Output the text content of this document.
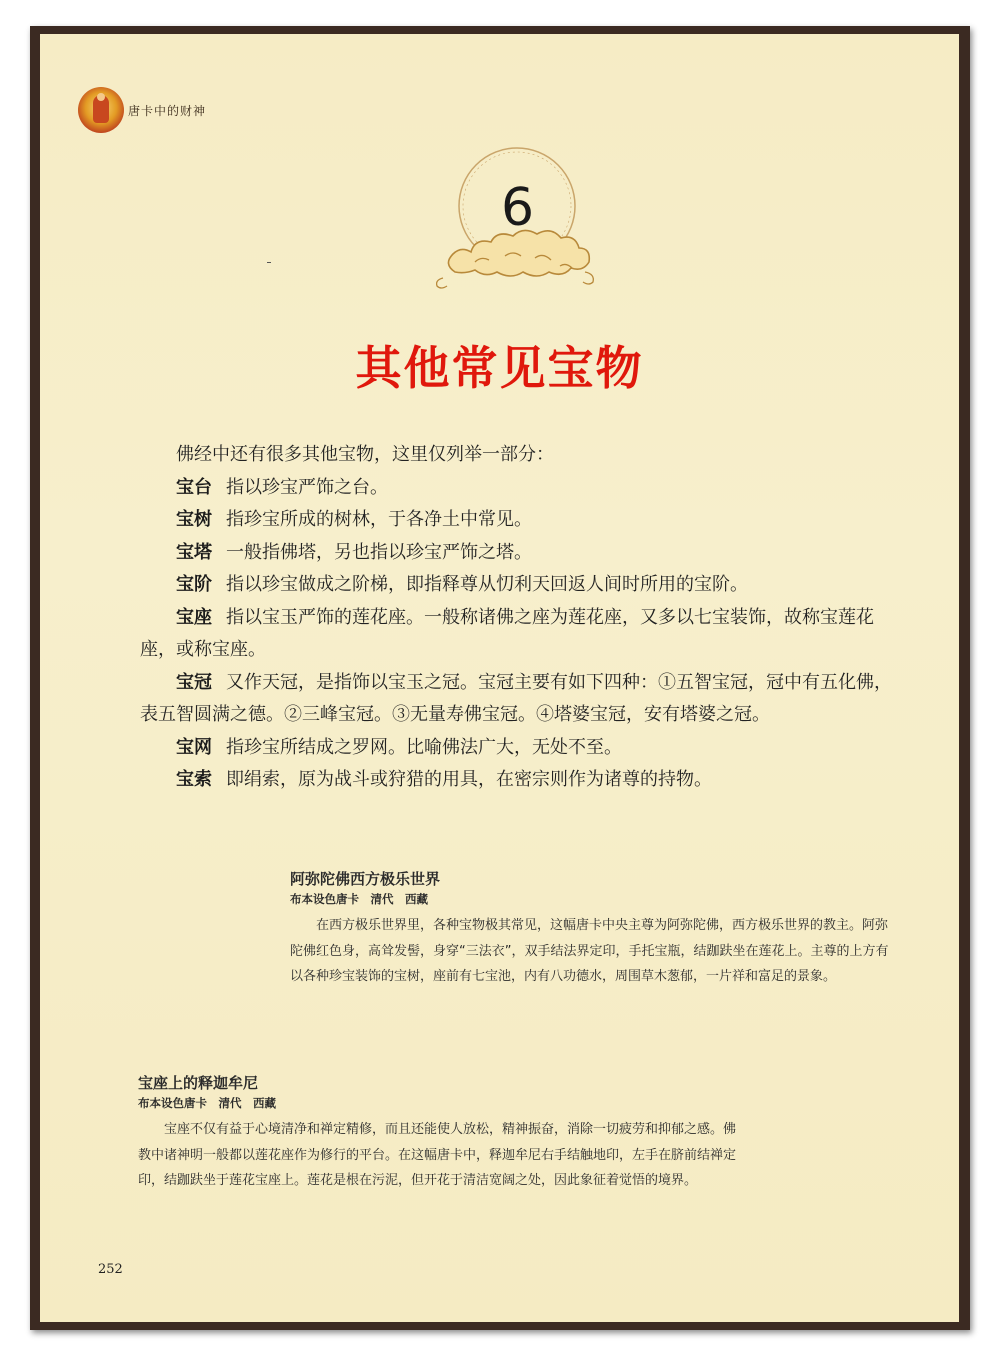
唐卡中的财神
6
其他常见宝物

佛经中还有很多其他宝物，这里仅列举一部分：

宝台 指以珍宝严饰之台。

宝树 指珍宝所成的树林，于各净土中常见。

宝塔 一般指佛塔，另也指以珍宝严饰之塔。

宝阶 指以珍宝做成之阶梯，即指释尊从忉利天回返人间时所用的宝阶。

宝座 指以宝玉严饰的莲花座。一般称诸佛之座为莲花座，又多以七宝装饰，故称宝莲花座，或称宝座。

宝冠 又作天冠，是指饰以宝玉之冠。宝冠主要有如下四种：①五智宝冠，冠中有五化佛，表五智圆满之德。②三峰宝冠。③无量寿佛宝冠。④塔婆宝冠，安有塔婆之冠。

宝网 指珍宝所结成之罗网。比喻佛法广大，无处不至。

宝索 即绢索，原为战斗或狩猎的用具，在密宗则作为诸尊的持物。

阿弥陀佛西方极乐世界
布本设色唐卡　清代　西藏
在西方极乐世界里，各种宝物极其常见，这幅唐卡中央主尊为阿弥陀佛，西方极乐世界的教主。阿弥陀佛红色身，高耸发髻，身穿“三法衣”，双手结法界定印，手托宝瓶，结跏趺坐在莲花上。主尊的上方有以各种珍宝装饰的宝树，座前有七宝池，内有八功德水，周围草木葱郁，一片祥和富足的景象。
宝座上的释迦牟尼
布本设色唐卡　清代　西藏
宝座不仅有益于心境清净和禅定精修，而且还能使人放松，精神振奋，消除一切疲劳和抑郁之感。佛教中诸神明一般都以莲花座作为修行的平台。在这幅唐卡中，释迦牟尼右手结触地印，左手在脐前结禅定印，结跏趺坐于莲花宝座上。莲花是根在污泥，但开花于清洁宽阔之处，因此象征着觉悟的境界。
252
